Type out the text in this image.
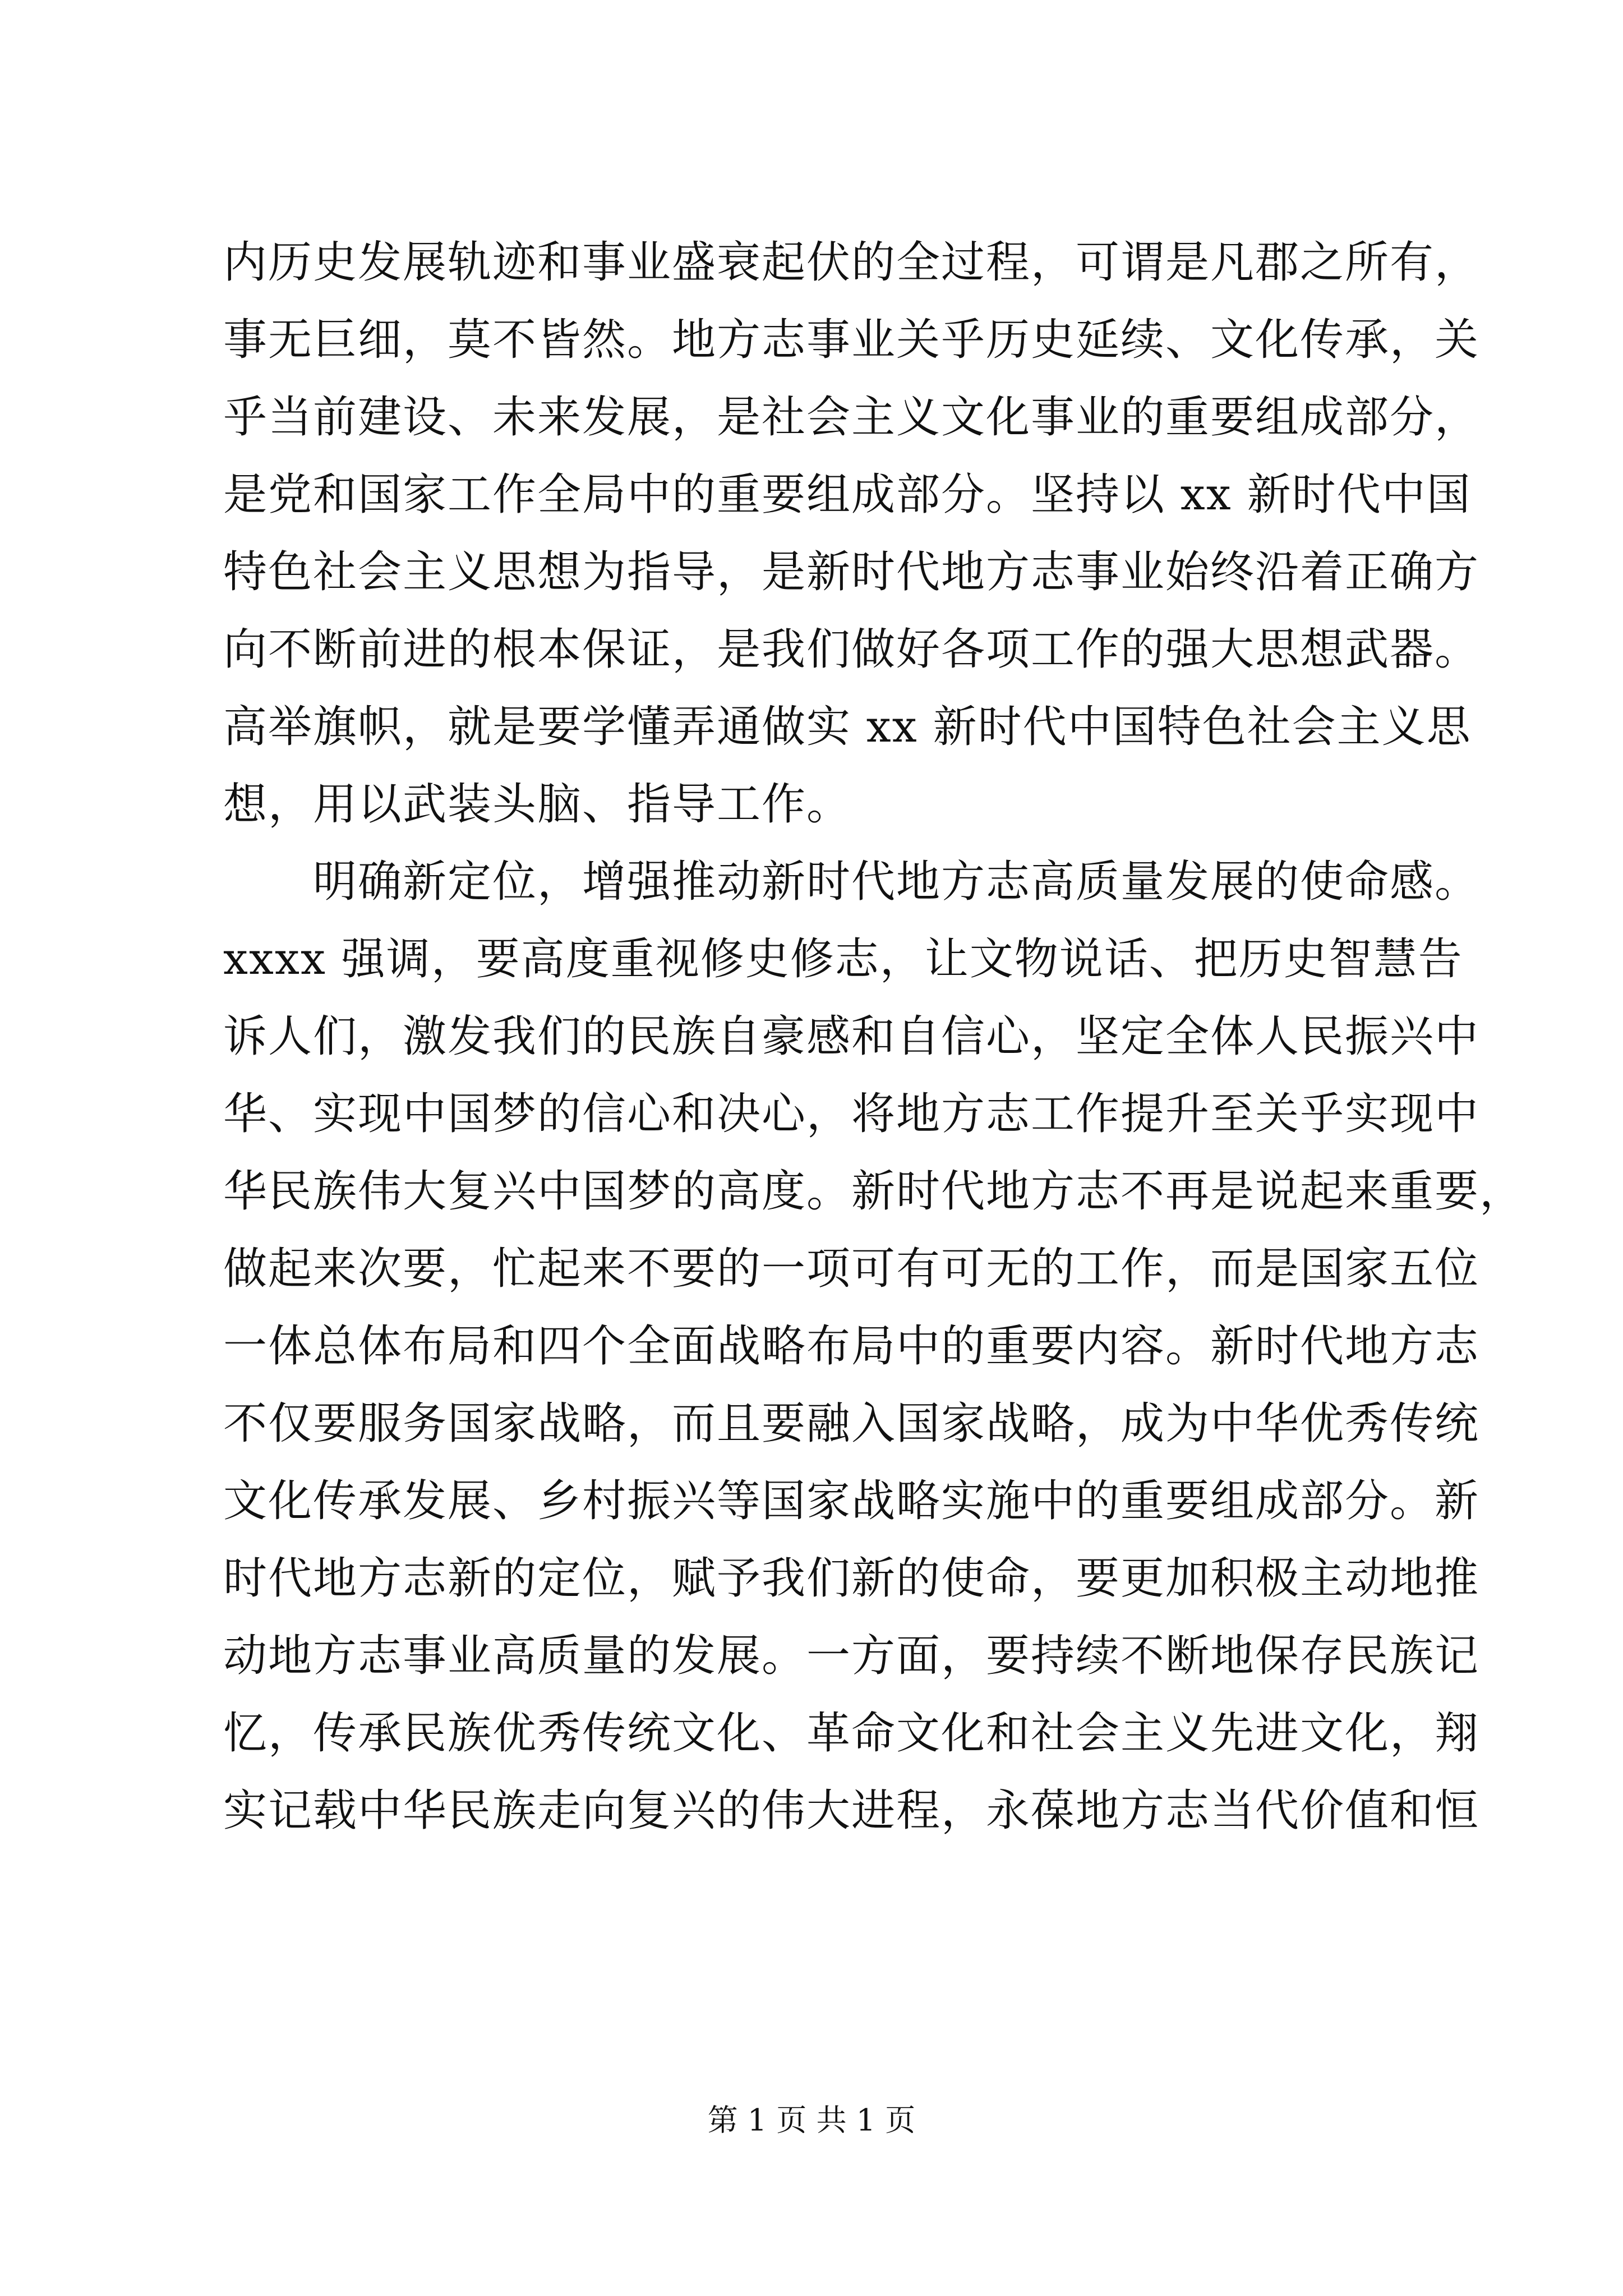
内历史发展轨迹和事业盛衰起伏的全过程，可谓是凡郡之所有，
事无巨细，莫不皆然。地方志事业关乎历史延续、文化传承，关
乎当前建设、未来发展，是社会主义文化事业的重要组成部分，
是党和国家工作全局中的重要组成部分。坚持以 xx 新时代中国
特色社会主义思想为指导，是新时代地方志事业始终沿着正确方
向不断前进的根本保证，是我们做好各项工作的强大思想武器。
高举旗帜，就是要学懂弄通做实 xx 新时代中国特色社会主义思
想，用以武装头脑、指导工作。
　　明确新定位，增强推动新时代地方志高质量发展的使命感。
xxxx 强调，要高度重视修史修志，让文物说话、把历史智慧告
诉人们，激发我们的民族自豪感和自信心，坚定全体人民振兴中
华、实现中国梦的信心和决心，将地方志工作提升至关乎实现中
华民族伟大复兴中国梦的高度。新时代地方志不再是说起来重要，
做起来次要，忙起来不要的一项可有可无的工作，而是国家五位
一体总体布局和四个全面战略布局中的重要内容。新时代地方志
不仅要服务国家战略，而且要融入国家战略，成为中华优秀传统
文化传承发展、乡村振兴等国家战略实施中的重要组成部分。新
时代地方志新的定位，赋予我们新的使命，要更加积极主动地推
动地方志事业高质量的发展。一方面，要持续不断地保存民族记
忆，传承民族优秀传统文化、革命文化和社会主义先进文化，翔
实记载中华民族走向复兴的伟大进程，永葆地方志当代价值和恒
第 1 页 共 1 页
